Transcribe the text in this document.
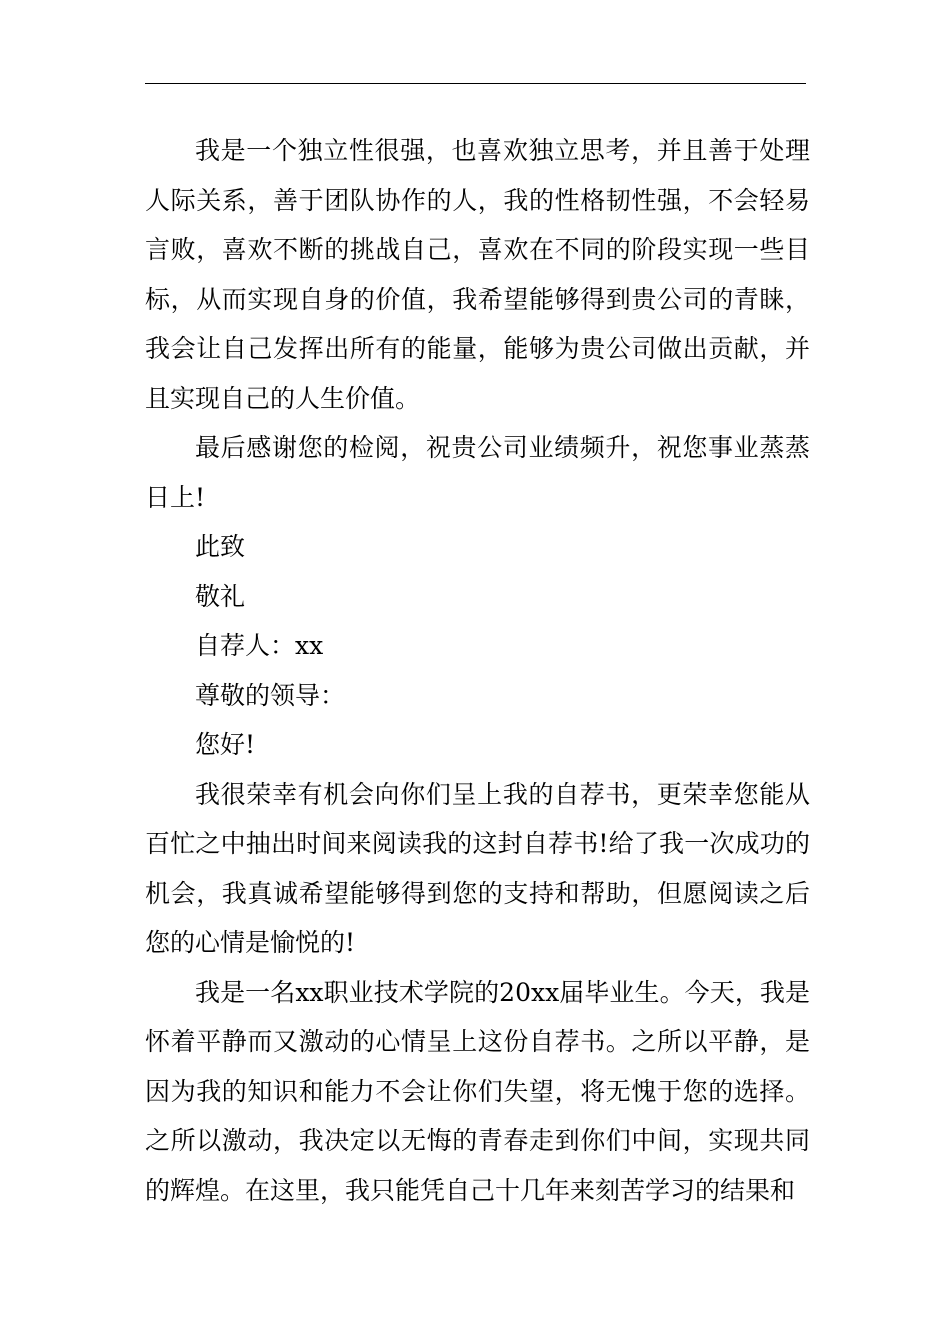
我是一个独立性很强，也喜欢独立思考，并且善于处理人际关系，善于团队协作的人，我的性格韧性强，不会轻易言败，喜欢不断的挑战自己，喜欢在不同的阶段实现一些目标，从而实现自身的价值，我希望能够得到贵公司的青睐，我会让自己发挥出所有的能量，能够为贵公司做出贡献，并且实现自己的人生价值。

最后感谢您的检阅，祝贵公司业绩频升，祝您事业蒸蒸日上!

此致

敬礼

自荐人：xx

尊敬的领导：

您好!

我很荣幸有机会向你们呈上我的自荐书，更荣幸您能从百忙之中抽出时间来阅读我的这封自荐书!给了我一次成功的机会，我真诚希望能够得到您的支持和帮助，但愿阅读之后您的心情是愉悦的!

我是一名xx职业技术学院的20xx届毕业生。今天，我是怀着平静而又激动的心情呈上这份自荐书。之所以平静，是因为我的知识和能力不会让你们失望，将无愧于您的选择。之所以激动，我决定以无悔的青春走到你们中间，实现共同的辉煌。在这里，我只能凭自己十几年来刻苦学习的结果和
